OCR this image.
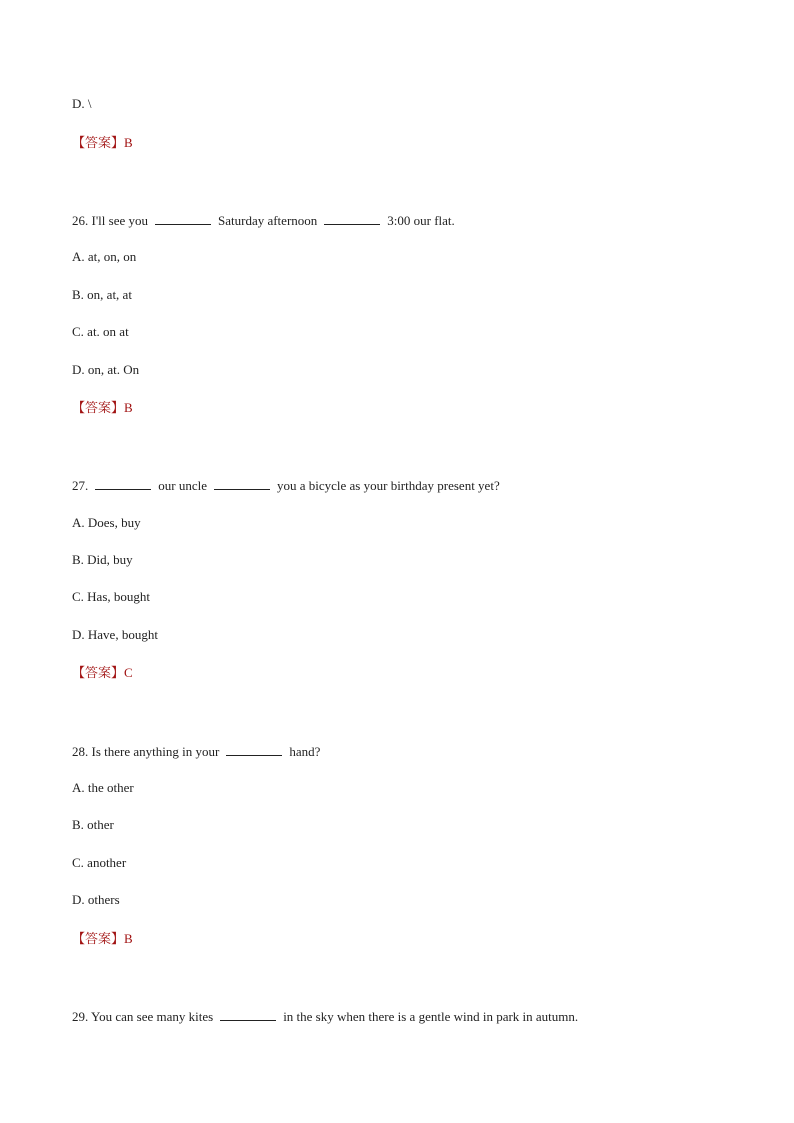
D. \
【答案】B
26. I'll see you	Saturday afternoon	3:00 our flat.
A. at, on, on
B. on, at, at
C. at. on at
D. on, at. On
【答案】B
27.	our uncle	you a bicycle as your birthday present yet?
A. Does, buy
B. Did, buy
C. Has, bought
D. Have, bought
【答案】C
28. Is there anything in your	hand?
A. the other
B. other
C. another
D. others
【答案】B
29. You can see many kites	in the sky when there is a gentle wind in park in autumn.
